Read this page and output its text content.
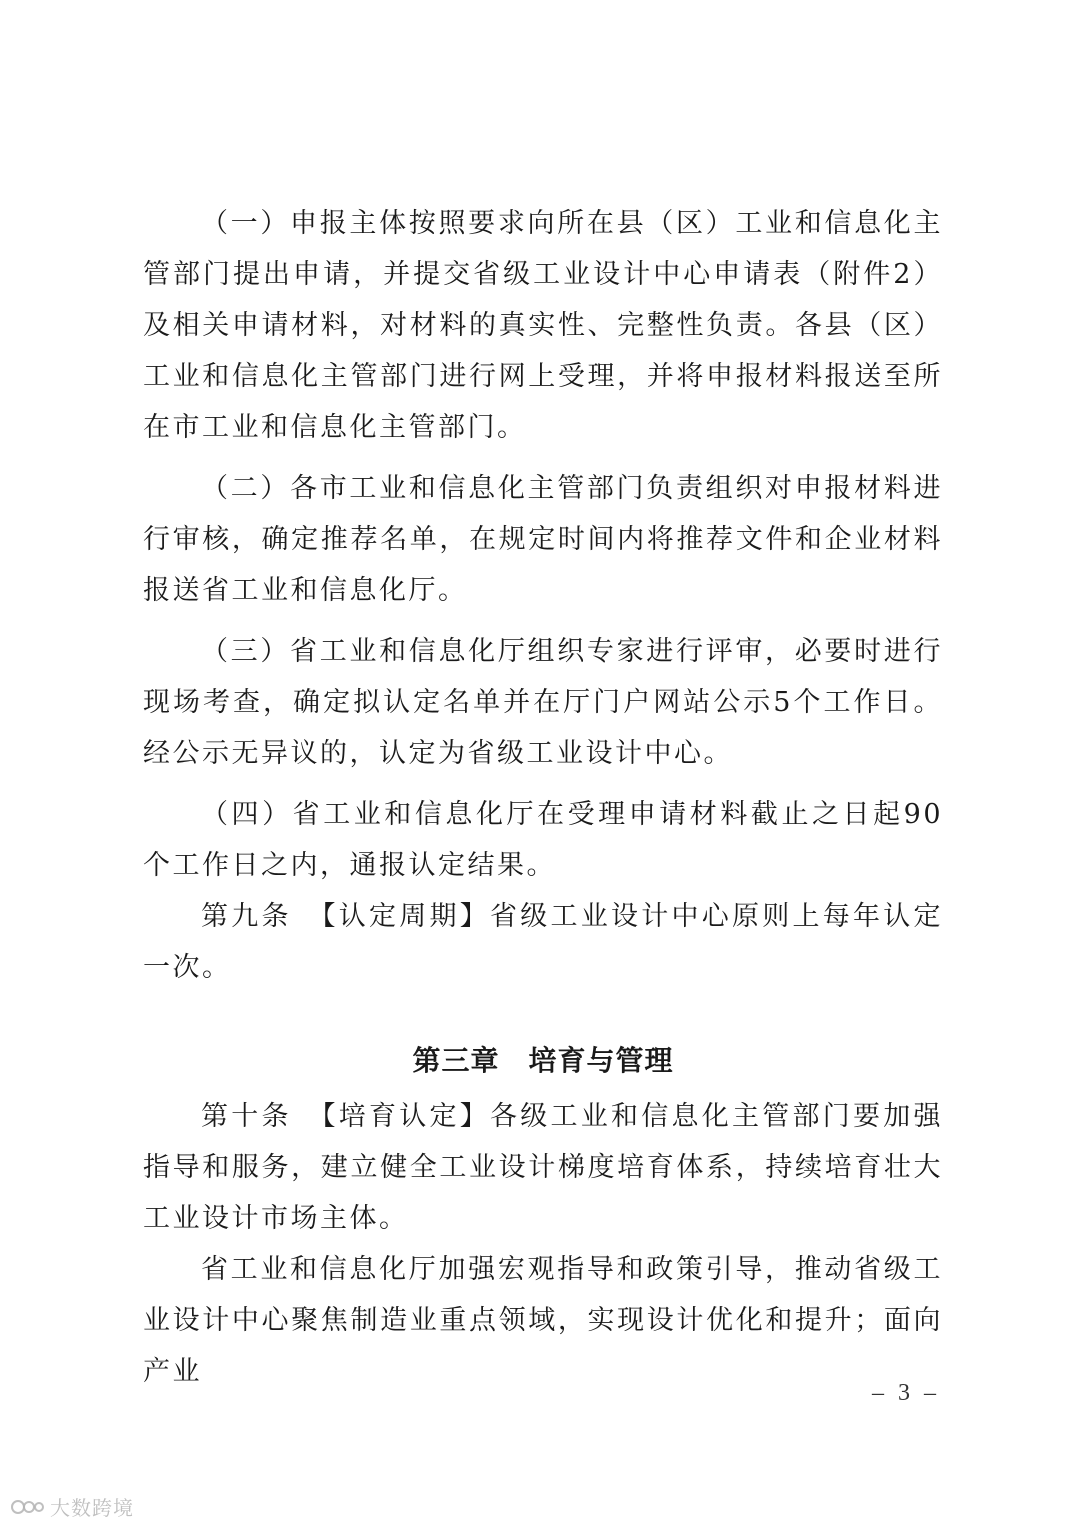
（一）申报主体按照要求向所在县（区）工业和信息化主管部门提出申请，并提交省级工业设计中心申请表（附件2）及相关申请材料，对材料的真实性、完整性负责。各县（区）工业和信息化主管部门进行网上受理，并将申报材料报送至所在市工业和信息化主管部门。

（二）各市工业和信息化主管部门负责组织对申报材料进行审核，确定推荐名单，在规定时间内将推荐文件和企业材料报送省工业和信息化厅。

（三）省工业和信息化厅组织专家进行评审，必要时进行现场考查，确定拟认定名单并在厅门户网站公示5个工作日。经公示无异议的，认定为省级工业设计中心。

（四）省工业和信息化厅在受理申请材料截止之日起90个工作日之内，通报认定结果。

第九条　【认定周期】省级工业设计中心原则上每年认定一次。

第三章　培育与管理

第十条　【培育认定】各级工业和信息化主管部门要加强指导和服务，建立健全工业设计梯度培育体系，持续培育壮大工业设计市场主体。

省工业和信息化厅加强宏观指导和政策引导，推动省级工业设计中心聚焦制造业重点领域，实现设计优化和提升；面向产业

– 3 –
大数跨境
